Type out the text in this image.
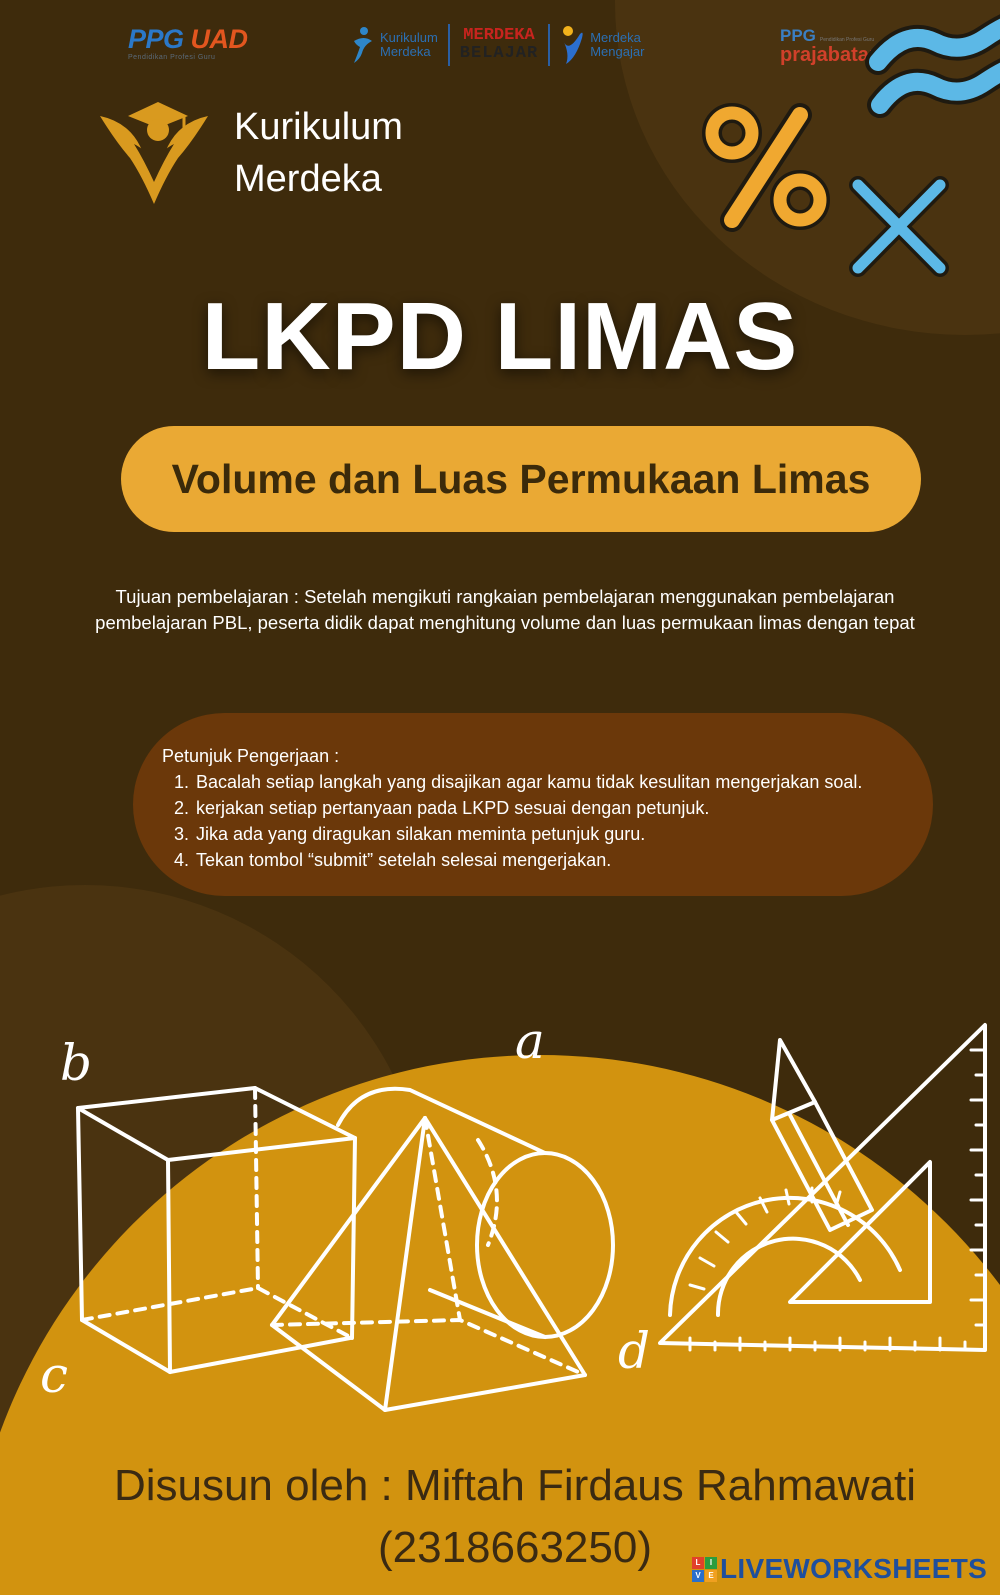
PPG UAD
Pendidikan Profesi Guru
Kurikulum
Merdeka
MERDEKA
BELAJAR
Merdeka
Mengajar
PPG Pendidikan Profesi Guru
prajabatan
Kurikulum
Merdeka
LKPD LIMAS
Volume dan Luas Permukaan Limas
Tujuan pembelajaran : Setelah mengikuti rangkaian pembelajaran menggunakan pembelajaran pembelajaran PBL, peserta didik dapat menghitung volume dan luas permukaan limas dengan tepat
Petunjuk Pengerjaan :
1. Bacalah setiap langkah yang disajikan agar kamu tidak kesulitan mengerjakan soal.
2. kerjakan setiap pertanyaan pada LKPD sesuai dengan petunjuk.
3. Jika ada yang diragukan silakan meminta petunjuk guru.
4. Tekan tombol “submit” setelah selesai mengerjakan.
b	a
c	d
Disusun oleh : Miftah Firdaus Rahmawati
(2318663250)	L	I
V E LIVEWORKSHEETS
